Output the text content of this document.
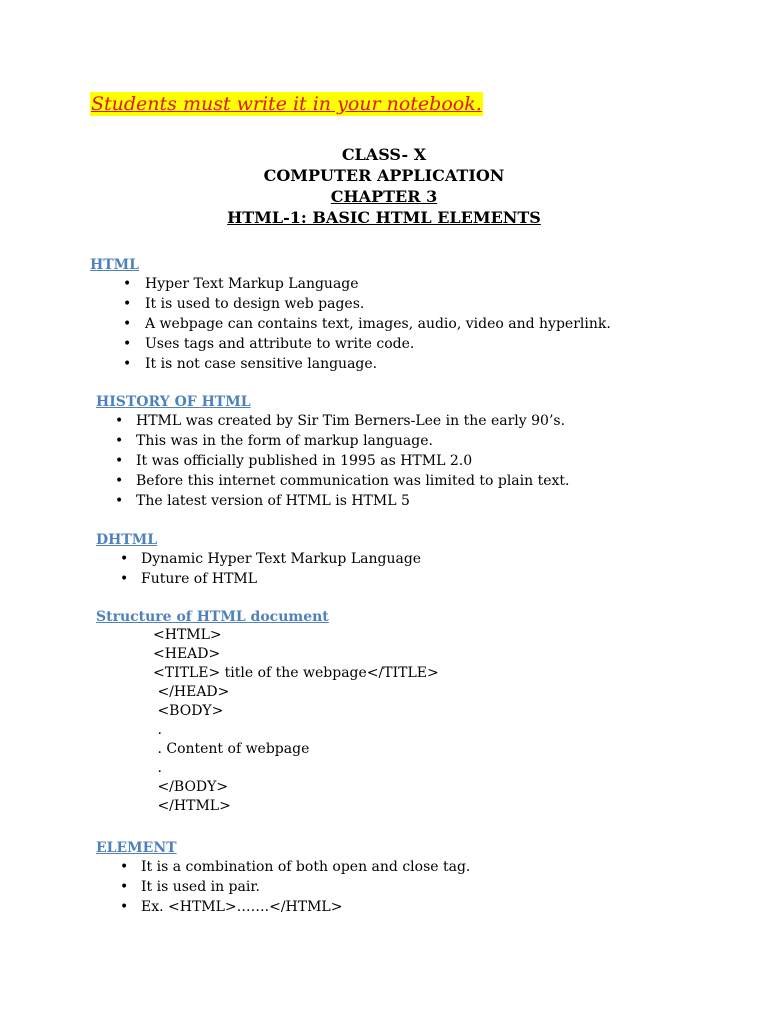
Students must write it in your notebook.
CLASS- X
COMPUTER APPLICATION
CHAPTER 3
HTML-1: BASIC HTML ELEMENTS
HTML
• Hyper Text Markup Language
• It is used to design web pages.
• A webpage can contains text, images, audio, video and hyperlink.
• Uses tags and attribute to write code.
• It is not case sensitive language.
HISTORY OF HTML
• HTML was created by Sir Tim Berners-Lee in the early 90’s.
• This was in the form of markup language.
• It was officially published in 1995 as HTML 2.0
• Before this internet communication was limited to plain text.
• The latest version of HTML is HTML 5
DHTML
• Dynamic Hyper Text Markup Language
• Future of HTML
Structure of HTML document
<HTML>
<HEAD>
<TITLE> title of the webpage</TITLE>
</HEAD>
<BODY>
.
. Content of webpage
.
</BODY>
</HTML>
ELEMENT
• It is a combination of both open and close tag.
• It is used in pair.
• Ex. <HTML>…….</HTML>
